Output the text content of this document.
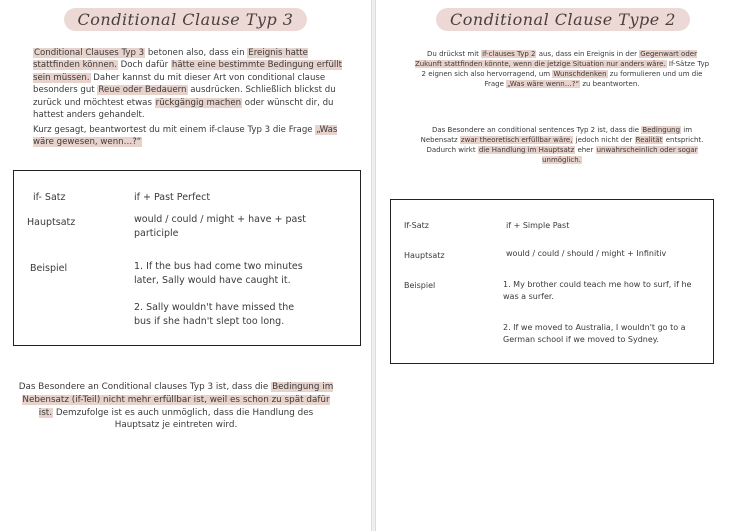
Conditional Clause Typ 3
Conditional Clauses Typ 3 betonen also, dass ein Ereignis hatte stattfinden können. Doch dafür hätte eine bestimmte Bedingung erfüllt sein müssen. Daher kannst du mit dieser Art von conditional clause besonders gut Reue oder Bedauern ausdrücken. Schließlich blickst du zurück und möchtest etwas rückgängig machen oder wünscht dir, du hattest anders gehandelt.
Kurz gesagt, beantwortest du mit einem if-clause Typ 3 die Frage „Was wäre gewesen, wenn…?“
if- Satz	if + Past Perfect
Hauptsatz	would / could / might + have + past participle
Beispiel	1. If the bus had come two minutes later, Sally would have caught it.
2. Sally wouldn't have missed the bus if she hadn't slept too long.
Das Besondere an Conditional clauses Typ 3 ist, dass die Bedingung im Nebensatz (if-Teil) nicht mehr erfüllbar ist, weil es schon zu spät dafür ist. Demzufolge ist es auch unmöglich, dass die Handlung des Hauptsatz je eintreten wird.
Conditional Clause Type 2
Du drückst mit if-clauses Typ 2 aus, dass ein Ereignis in der Gegenwart oder Zukunft stattfinden könnte, wenn die jetzige Situation nur anders wäre. If-Sätze Typ 2 eignen sich also hervorragend, um Wunschdenken zu formulieren und um die Frage „Was wäre wenn…?“ zu beantworten.
Das Besondere an conditional sentences Typ 2 ist, dass die Bedingung im Nebensatz zwar theoretisch erfüllbar wäre, jedoch nicht der Realität entspricht. Dadurch wirkt die Handlung im Hauptsatz eher unwahrscheinlich oder sogar unmöglich.
If-Satz	if + Simple Past
Hauptsatz	would / could / should / might + Infinitiv
Beispiel	1. My brother could teach me how to surf, if he was a surfer.
2. If we moved to Australia, I wouldn't go to a German school if we moved to Sydney.
